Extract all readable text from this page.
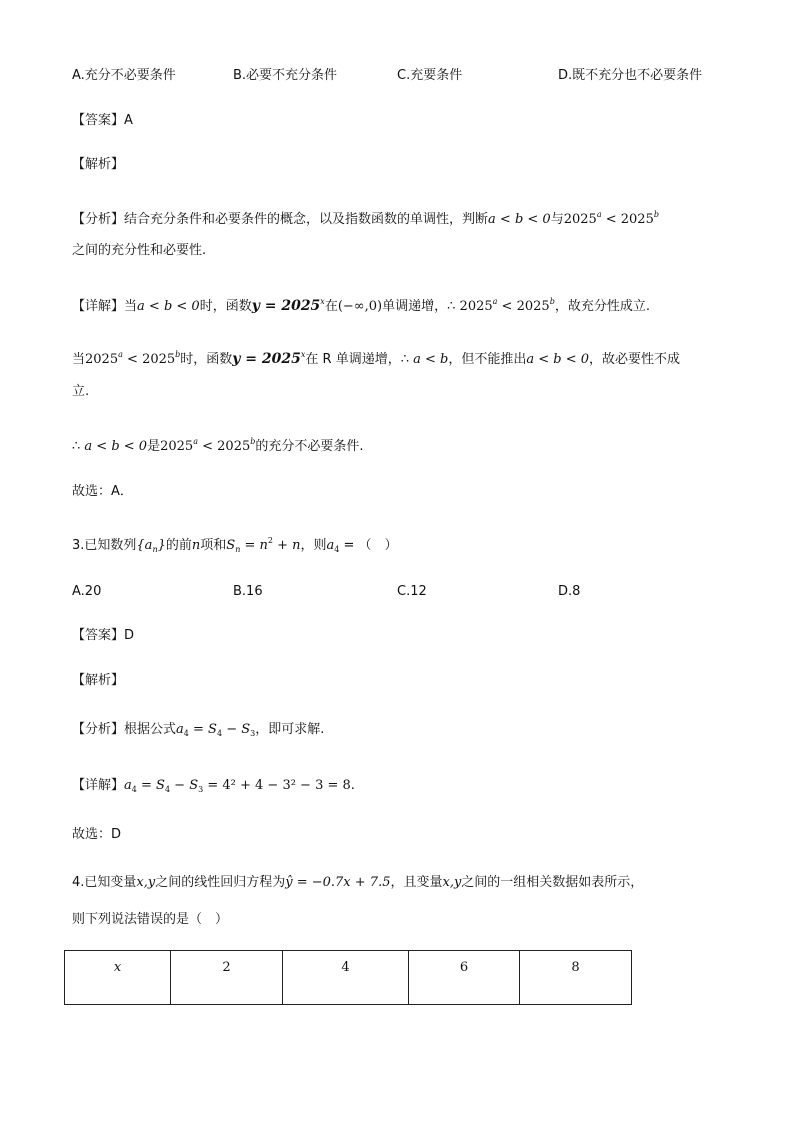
A.充分不必要条件	B.必要不充分条件	C.充要条件	D.既不充分也不必要条件
【答案】A
【解析】
【分析】结合充分条件和必要条件的概念，以及指数函数的单调性，判断a < b < 0与$2025^a < 2025^b$
之间的充分性和必要性.
【详解】当a < b < 0时，函数$y = 2025^x$在(−∞,0)单调递增，∴ $2025^a < 2025^b$，故充分性成立.
当$2025^a < 2025^b$时，函数$y = 2025^x$在 R 单调递增，∴ a < b，但不能推出a < b < 0，故必要性不成
立.
∴ a < b < 0是$2025^a < 2025^b$的充分不必要条件.
故选：A．
3.已知数列$\{a_n\}$的前n项和$S_n = n^2 + n$，则$a_4$ = （　）
A.20	B.16	C.12	D.8
【答案】D
【解析】
【分析】根据公式$a_4 = S_4 - S_3$，即可求解.
【详解】$a_4 = S_4 - S_3 = 4^2 + 4 - 3^2 - 3 = 8$.
故选：D
4.已知变量x,y之间的线性回归方程为ŷ = −0.7x + 7.5，且变量x,y之间的一组相关数据如表所示，
则下列说法错误的是（　）
x	2	4	6	8
